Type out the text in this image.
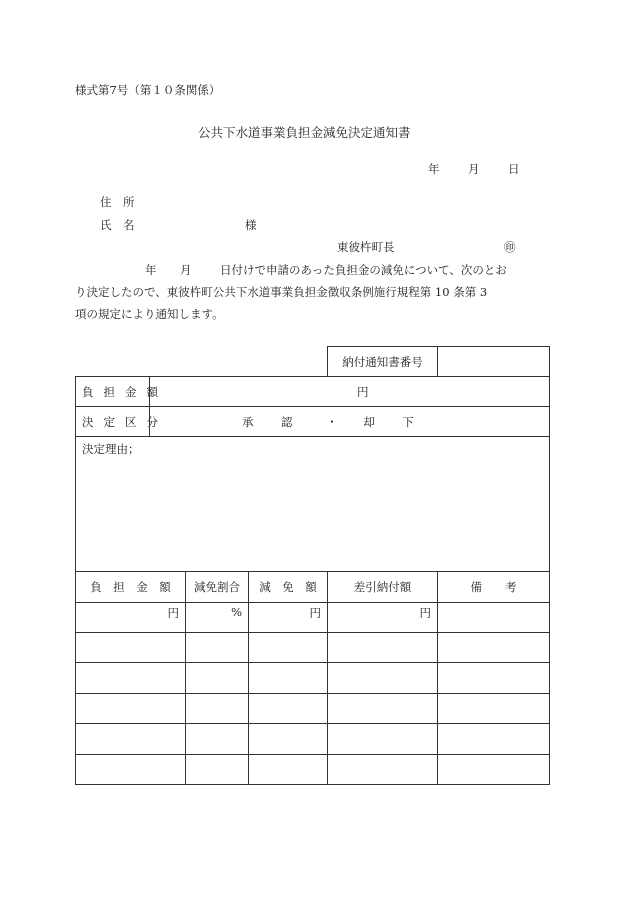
様式第7号（第１０条関係）
公共下水道事業負担金減免決定通知書
年 月 日
住　所
氏　名	様
東彼杵町長	㊞
年 月 日付けで申請のあった負担金の減免について、次のとお
り決定したので、東彼杵町公共下水道事業負担金徴収条例施行規程第 10 条第 3
項の規定により通知します。
		納付通知書番号	
負担金額	円		
決定区分	承　認 ・ 却　下		
決定理由；			
負　担　金　額	減免割合	減　免　額	差引納付額	備　　考
円	%	円	円	
